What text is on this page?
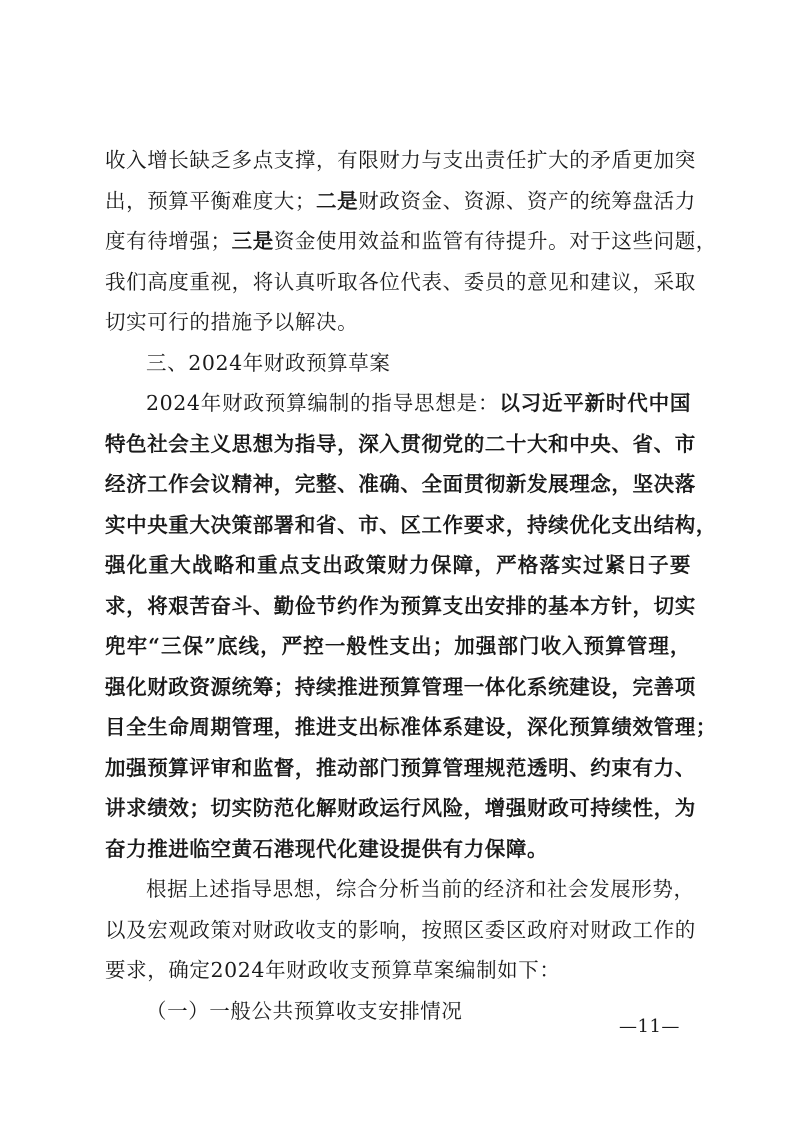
收入增长缺乏多点支撑，有限财力与支出责任扩大的矛盾更加突
出，预算平衡难度大；二是财政资金、资源、资产的统筹盘活力
度有待增强；三是资金使用效益和监管有待提升。对于这些问题，
我们高度重视，将认真听取各位代表、委员的意见和建议，采取
切实可行的措施予以解决。
三、2024年财政预算草案
2024年财政预算编制的指导思想是：以习近平新时代中国
特色社会主义思想为指导，深入贯彻党的二十大和中央、省、市
经济工作会议精神，完整、准确、全面贯彻新发展理念，坚决落
实中央重大决策部署和省、市、区工作要求，持续优化支出结构，
强化重大战略和重点支出政策财力保障，严格落实过紧日子要
求，将艰苦奋斗、勤俭节约作为预算支出安排的基本方针，切实
兜牢“三保”底线，严控一般性支出；加强部门收入预算管理，
强化财政资源统筹；持续推进预算管理一体化系统建设，完善项
目全生命周期管理，推进支出标准体系建设，深化预算绩效管理；
加强预算评审和监督，推动部门预算管理规范透明、约束有力、
讲求绩效；切实防范化解财政运行风险，增强财政可持续性，为
奋力推进临空黄石港现代化建设提供有力保障。
根据上述指导思想，综合分析当前的经济和社会发展形势，
以及宏观政策对财政收支的影响，按照区委区政府对财政工作的
要求，确定2024年财政收支预算草案编制如下：
（一）一般公共预算收支安排情况
—11—
